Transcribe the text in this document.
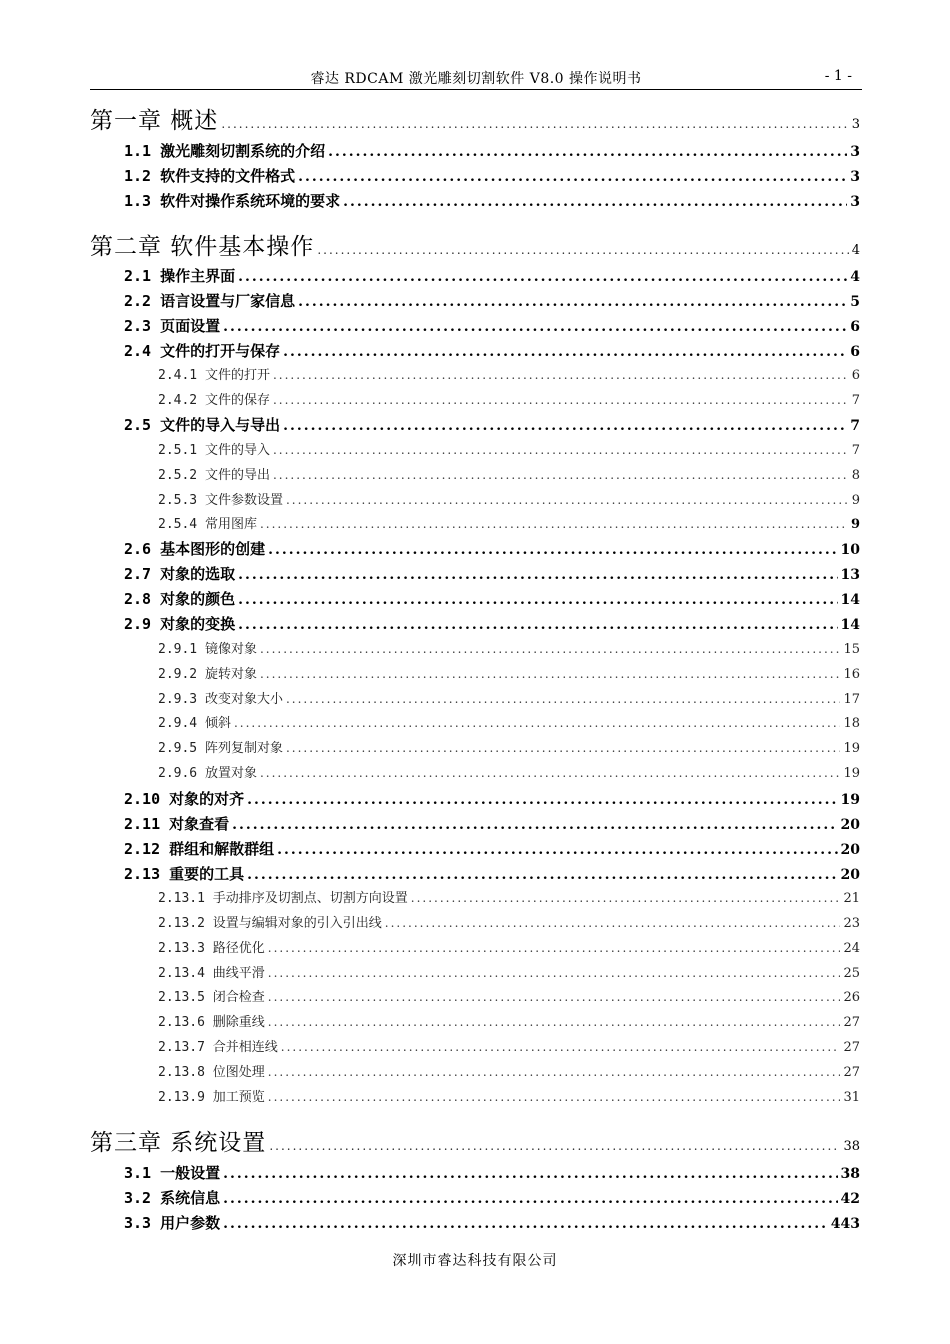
睿达 RDCAM 激光雕刻切割软件 V8.0 操作说明书	- 1 -
第一章 概述 .....	3
1.1 激光雕刻切割系统的介绍 .....	3
1.2 软件支持的文件格式 .....	3
1.3 软件对操作系统环境的要求 .....	3
第二章 软件基本操作 .....	4
2.1 操作主界面 .....	4
2.2 语言设置与厂家信息 .....	5
2.3 页面设置 .....	6
2.4 文件的打开与保存 .....	6
2.4.1 文件的打开 .....	6
2.4.2 文件的保存 .....	7
2.5 文件的导入与导出 .....	7
2.5.1 文件的导入 .....	7
2.5.2 文件的导出 .....	8
2.5.3 文件参数设置 .....	9
2.5.4 常用图库 .....	9
2.6 基本图形的创建 .....	10
2.7 对象的选取 .....	13
2.8 对象的颜色 .....	14
2.9 对象的变换 .....	14
2.9.1 镜像对象 .....	15
2.9.2 旋转对象 .....	16
2.9.3 改变对象大小 .....	17
2.9.4 倾斜 .....	18
2.9.5 阵列复制对象 .....	19
2.9.6 放置对象 .....	19
2.10 对象的对齐 .....	19
2.11 对象查看 .....	20
2.12 群组和解散群组 .....	20
2.13 重要的工具 .....	20
2.13.1 手动排序及切割点、切割方向设置 .....	21
2.13.2 设置与编辑对象的引入引出线 .....	23
2.13.3 路径优化 .....	24
2.13.4 曲线平滑 .....	25
2.13.5 闭合检查 .....	26
2.13.6 删除重线 .....	27
2.13.7 合并相连线 .....	27
2.13.8 位图处理 .....	27
2.13.9 加工预览 .....	31
第三章 系统设置 .....	38
3.1 一般设置 .....	38
3.2 系统信息 .....	42
3.3 用户参数 .....	443
深圳市睿达科技有限公司
